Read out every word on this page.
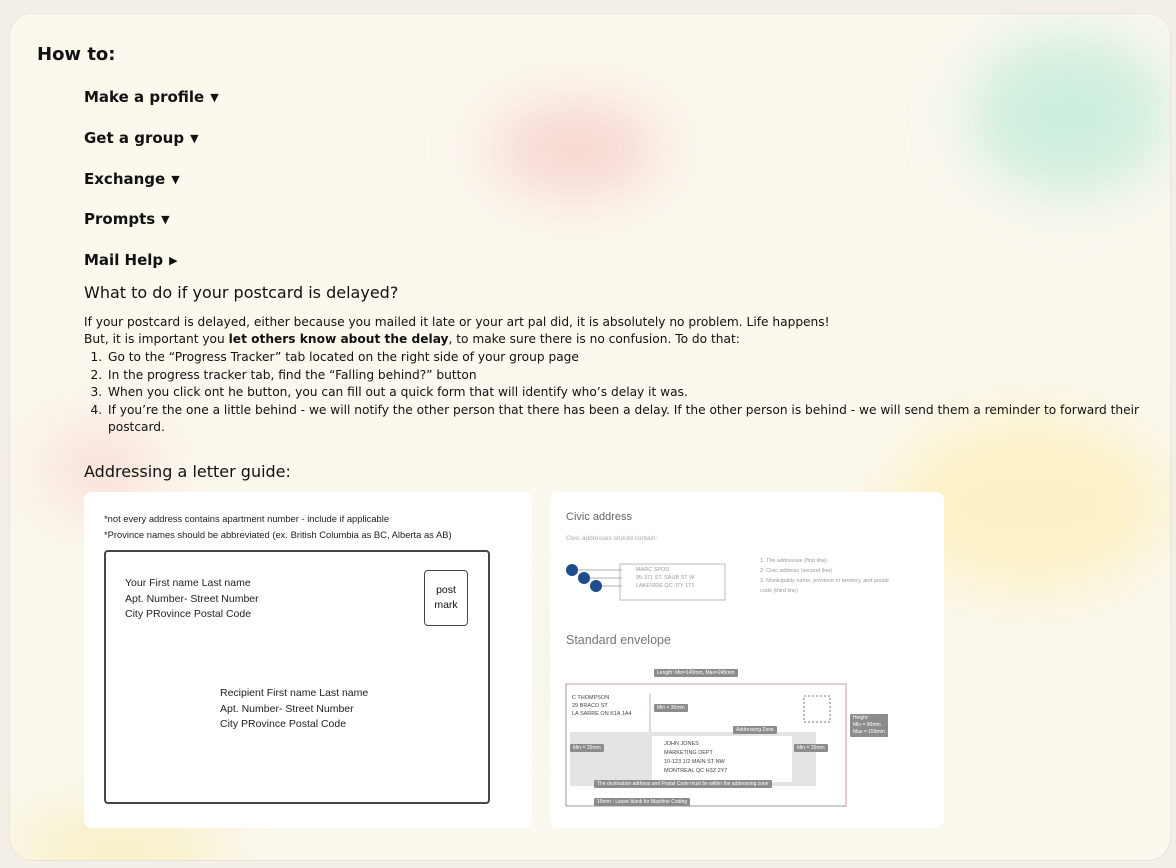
How to:
Make a profile ▼
Get a group ▼
Exchange ▼
Prompts ▼
Mail Help ▶
What to do if your postcard is delayed?

If your postcard is delayed, either because you mailed it late or your art pal did, it is absolutely no problem. Life happens!

But, it is important you let others know about the delay, to make sure there is no confusion. To do that:

1. Go to the “Progress Tracker” tab located on the right side of your group page
2. In the progress tracker tab, find the “Falling behind?” button
3. When you click ont he button, you can fill out a quick form that will identify who’s delay it was.
4. If you’re the one a little behind - we will notify the other person that there has been a delay. If the other person is behind - we will send them a reminder to forward their postcard.
Addressing a letter guide:
*not every address contains apartment number - include if applicable
*Province names should be abbreviated (ex. British Columbia as BC, Alberta as AB)
Your First name Last name
Apt. Number- Street Number
City PRovince Postal Code
post
mark
Recipient First name Last name
Apt. Number- Street Number
City PRovince Postal Code
Civic address
Civic addresses should contain:
MARC SPOD
95-371 ST. SAUB ST W
LAKESIDE QC J7Y 1T1
1. The addressee (first line)
2. Civic address (second line)
3. Municipality name, province or territory, and postal
code (third line)
Standard envelope
Length: Min=140mm, Max=245mm
Height:
Min = 90mm
Max = 156mm
Min = 30mm
Addressing Zone
Min = 15mm	Min = 15mm
The destination address and Postal Code must be within the addressing zone
15mm - Leave blank for Machine Coding
C THOMPSON
29 BRACO ST
LA SARRE ON K1A 1A4
JOHN JONES
MARKETING DEPT
10-123 1/2 MAIN ST NW
MONTREAL QC H3Z 2Y7
